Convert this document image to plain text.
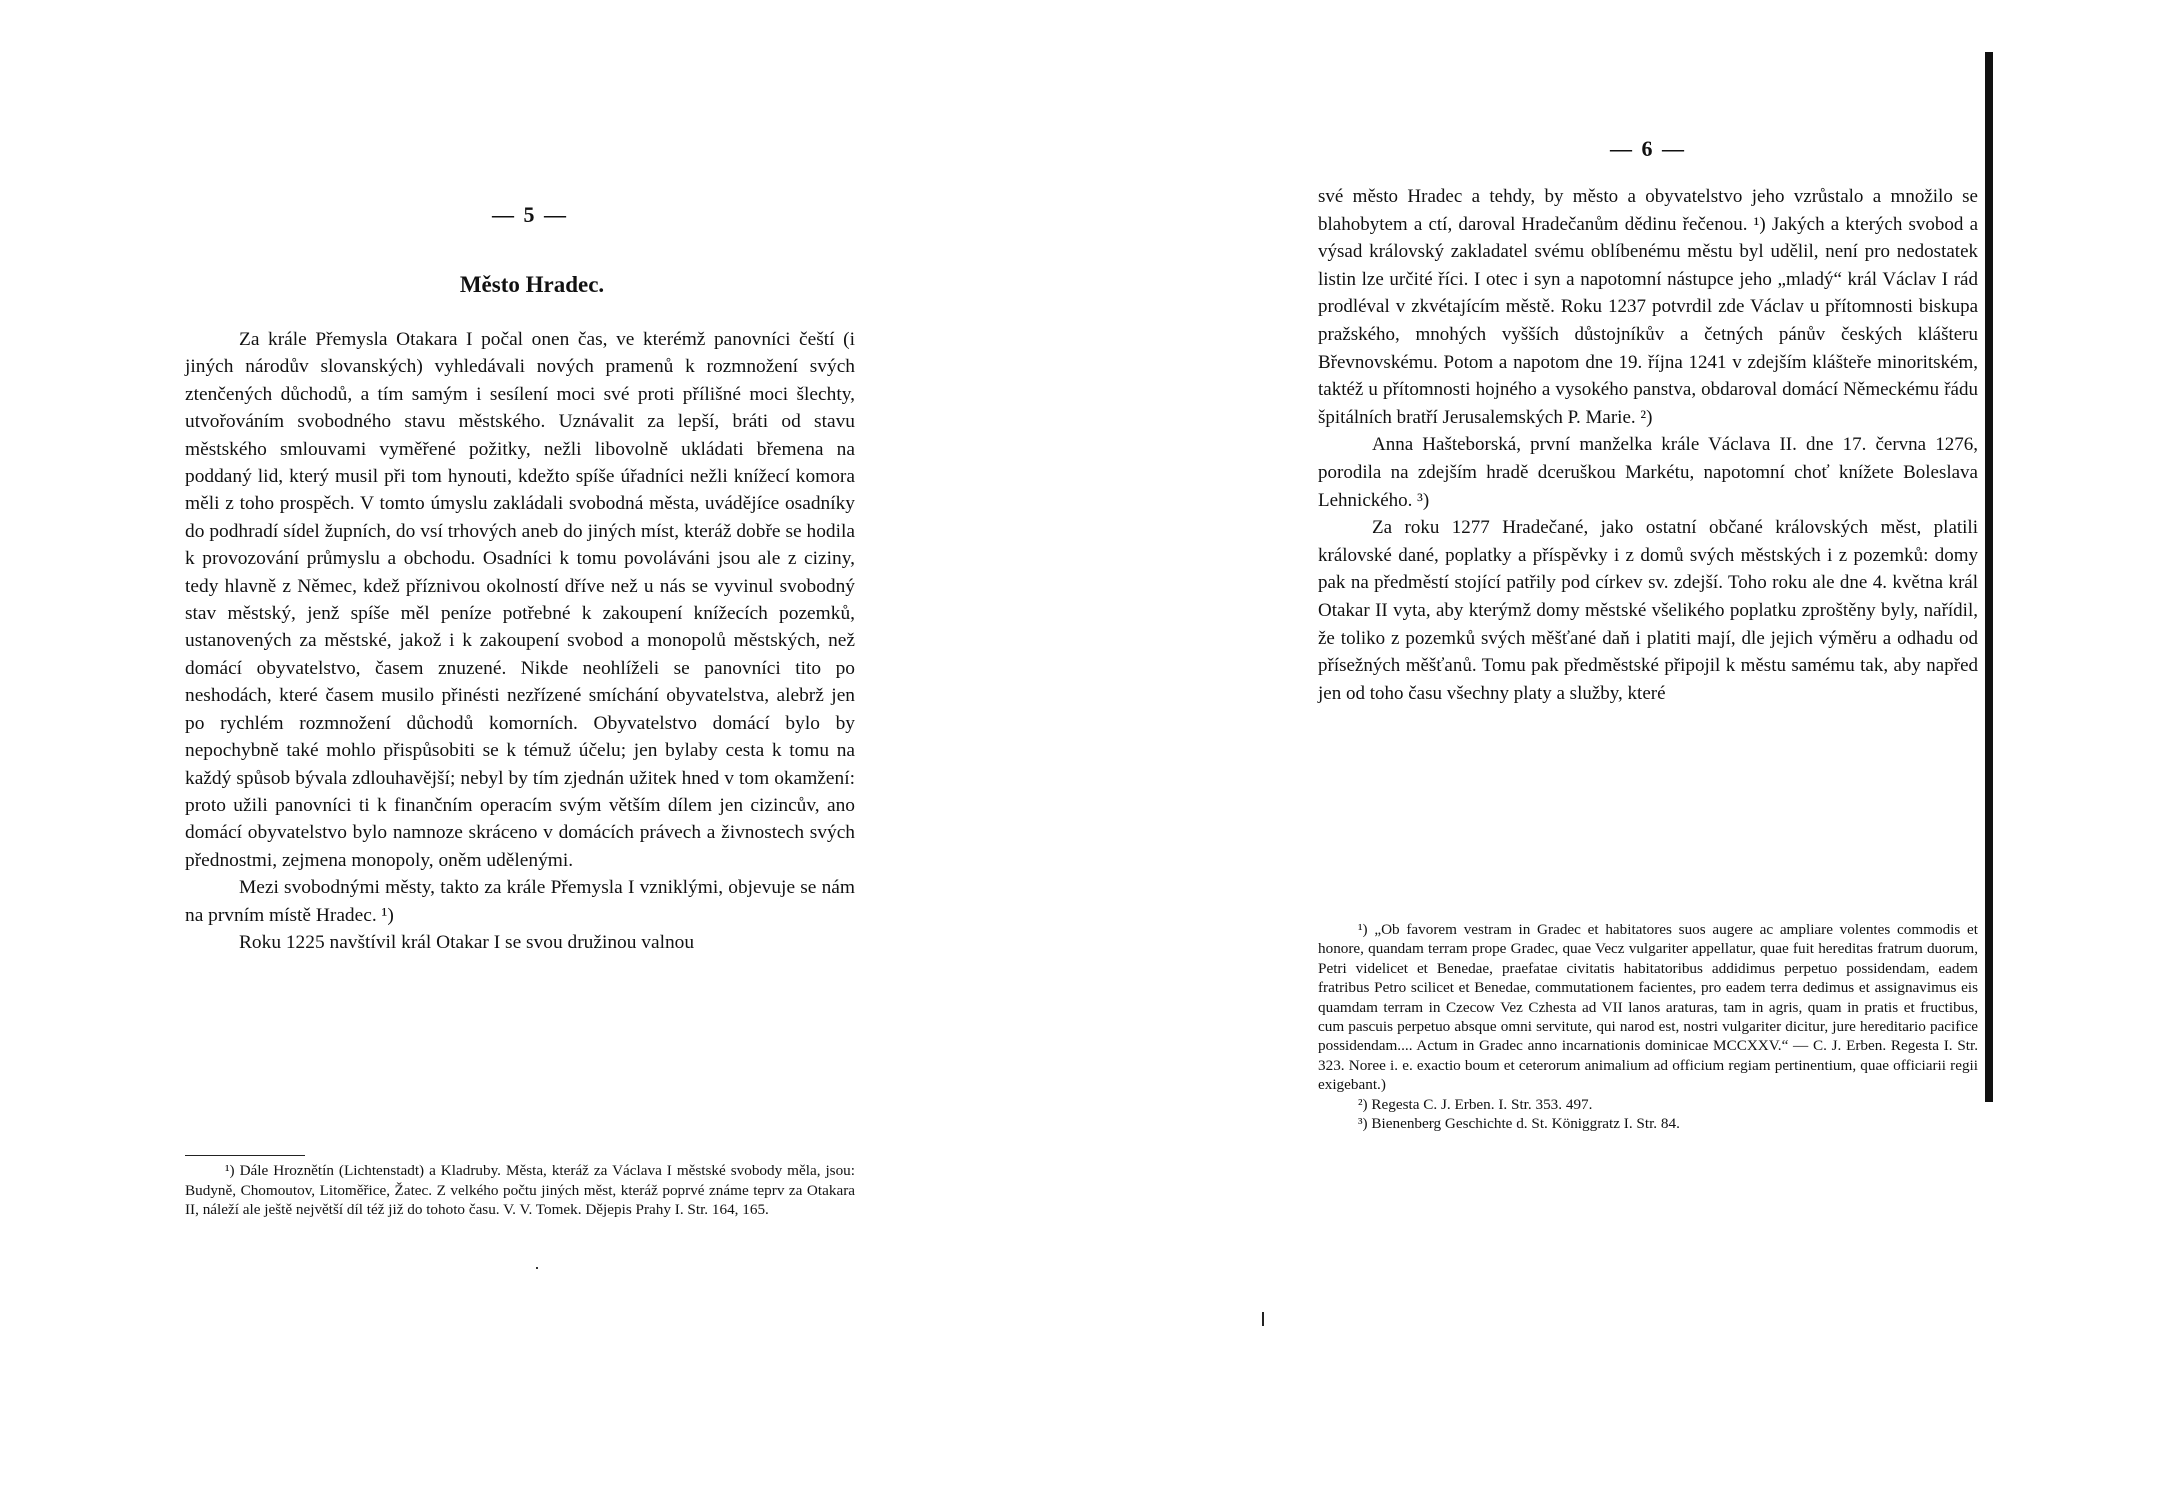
— 5 —
Město Hradec.

Za krále Přemysla Otakara I počal onen čas, ve kterémž panovníci čeští (i jiných národův slovanských) vyhledávali nových pramenů k rozmnožení svých ztenčených důchodů, a tím samým i sesílení moci své proti přílišné moci šlechty, utvořováním svobodného stavu městského. Uznávalit za lepší, bráti od stavu městského smlouvami vyměřené požitky, nežli libovolně ukládati břemena na poddaný lid, který musil při tom hynouti, kdežto spíše úřadníci nežli knížecí komora měli z toho prospěch. V tomto úmyslu zakládali svobodná města, uvádějíce osadníky do podhradí sídel župních, do vsí trhových aneb do jiných míst, kteráž dobře se hodila k provozování průmyslu a obchodu. Osadníci k tomu povoláváni jsou ale z ciziny, tedy hlavně z Němec, kdež příznivou okolností dříve než u nás se vyvinul svobodný stav městský, jenž spíše měl peníze potřebné k zakoupení knížecích pozemků, ustanovených za městské, jakož i k zakoupení svobod a monopolů městských, než domácí obyvatelstvo, časem znuzené. Nikde neohlíželi se panovníci tito po neshodách, které časem musilo přinésti nezřízené smíchání obyvatelstva, alebrž jen po rychlém rozmnožení důchodů komorních. Obyvatelstvo domácí bylo by nepochybně také mohlo přispůsobiti se k témuž účelu; jen bylaby cesta k tomu na každý spůsob bývala zdlouhavější; nebyl by tím zjednán užitek hned v tom okamžení: proto užili panovníci ti k finančním operacím svým větším dílem jen cizincův, ano domácí obyvatelstvo bylo namnoze skráceno v domácích právech a živnostech svých přednostmi, zejmena monopoly, oněm udělenými.

Mezi svobodnými městy, takto za krále Přemysla I vzniklými, objevuje se nám na prvním místě Hradec. ¹)

Roku 1225 navštívil král Otakar I se svou družinou valnou

¹) Dále Hroznětín (Lichtenstadt) a Kladruby. Města, kteráž za Václava I městské svobody měla, jsou: Budyně, Chomoutov, Litoměřice, Žatec. Z velkého počtu jiných měst, kteráž poprvé známe teprv za Otakara II, náleží ale ještě největší díl též již do tohoto času. V. V. Tomek. Dějepis Prahy I. Str. 164, 165.

— 6 —

své město Hradec a tehdy, by město a obyvatelstvo jeho vzrůstalo a množilo se blahobytem a ctí, daroval Hradečanům dědinu řečenou. ¹) Jakých a kterých svobod a výsad královský zakladatel svému oblíbenému městu byl udělil, není pro nedostatek listin lze určité říci. I otec i syn a napotomní nástupce jeho „mladý“ král Václav I rád prodléval v zkvétajícím městě. Roku 1237 potvrdil zde Václav u přítomnosti biskupa pražského, mnohých vyšších důstojníkův a četných pánův českých klášteru Břevnovskému. Potom a napotom dne 19. října 1241 v zdejším klášteře minoritském, taktéž u přítomnosti hojného a vysokého panstva, obdaroval domácí Německému řádu špitálních bratří Jerusalemských P. Marie. ²)

Anna Hašteborská, první manželka krále Václava II. dne 17. června 1276, porodila na zdejším hradě dceruškou Markétu, napotomní choť knížete Boleslava Lehnického. ³)

Za roku 1277 Hradečané, jako ostatní občané královských měst, platili královské dané, poplatky a příspěvky i z domů svých městských i z pozemků: domy pak na předměstí stojící patřily pod církev sv. zdejší. Toho roku ale dne 4. května král Otakar II vyta, aby kterýmž domy městské všelikého poplatku zproštěny byly, nařídil, že toliko z pozemků svých měšťané daň i platiti mají, dle jejich výměru a odhadu od přísežných měšťanů. Tomu pak předměstské připojil k městu samému tak, aby napřed jen od toho času všechny platy a služby, které

¹) „Ob favorem vestram in Gradec et habitatores suos augere ac ampliare volentes commodis et honore, quandam terram prope Gradec, quae Vecz vulgariter appellatur, quae fuit hereditas fratrum duorum, Petri videlicet et Benedae, praefatae civitatis habitatoribus addidimus perpetuo possidendam, eadem fratribus Petro scilicet et Benedae, commutationem facientes, pro eadem terra dedimus et assignavimus eis quamdam terram in Czecow Vez Czhesta ad VII lanos araturas, tam in agris, quam in pratis et fructibus, cum pascuis perpetuo absque omni servitute, qui narod est, nostri vulgariter dicitur, jure hereditario pacifice possidendam.... Actum in Gradec anno incarnationis dominicae MCCXXV.“ — C. J. Erben. Regesta I. Str. 323. Noree i. e. exactio boum et ceterorum animalium ad officium regiam pertinentium, quae officiarii regii exigebant.)

²) Regesta C. J. Erben. I. Str. 353. 497.

³) Bienenberg Geschichte d. St. Königgratz I. Str. 84.
